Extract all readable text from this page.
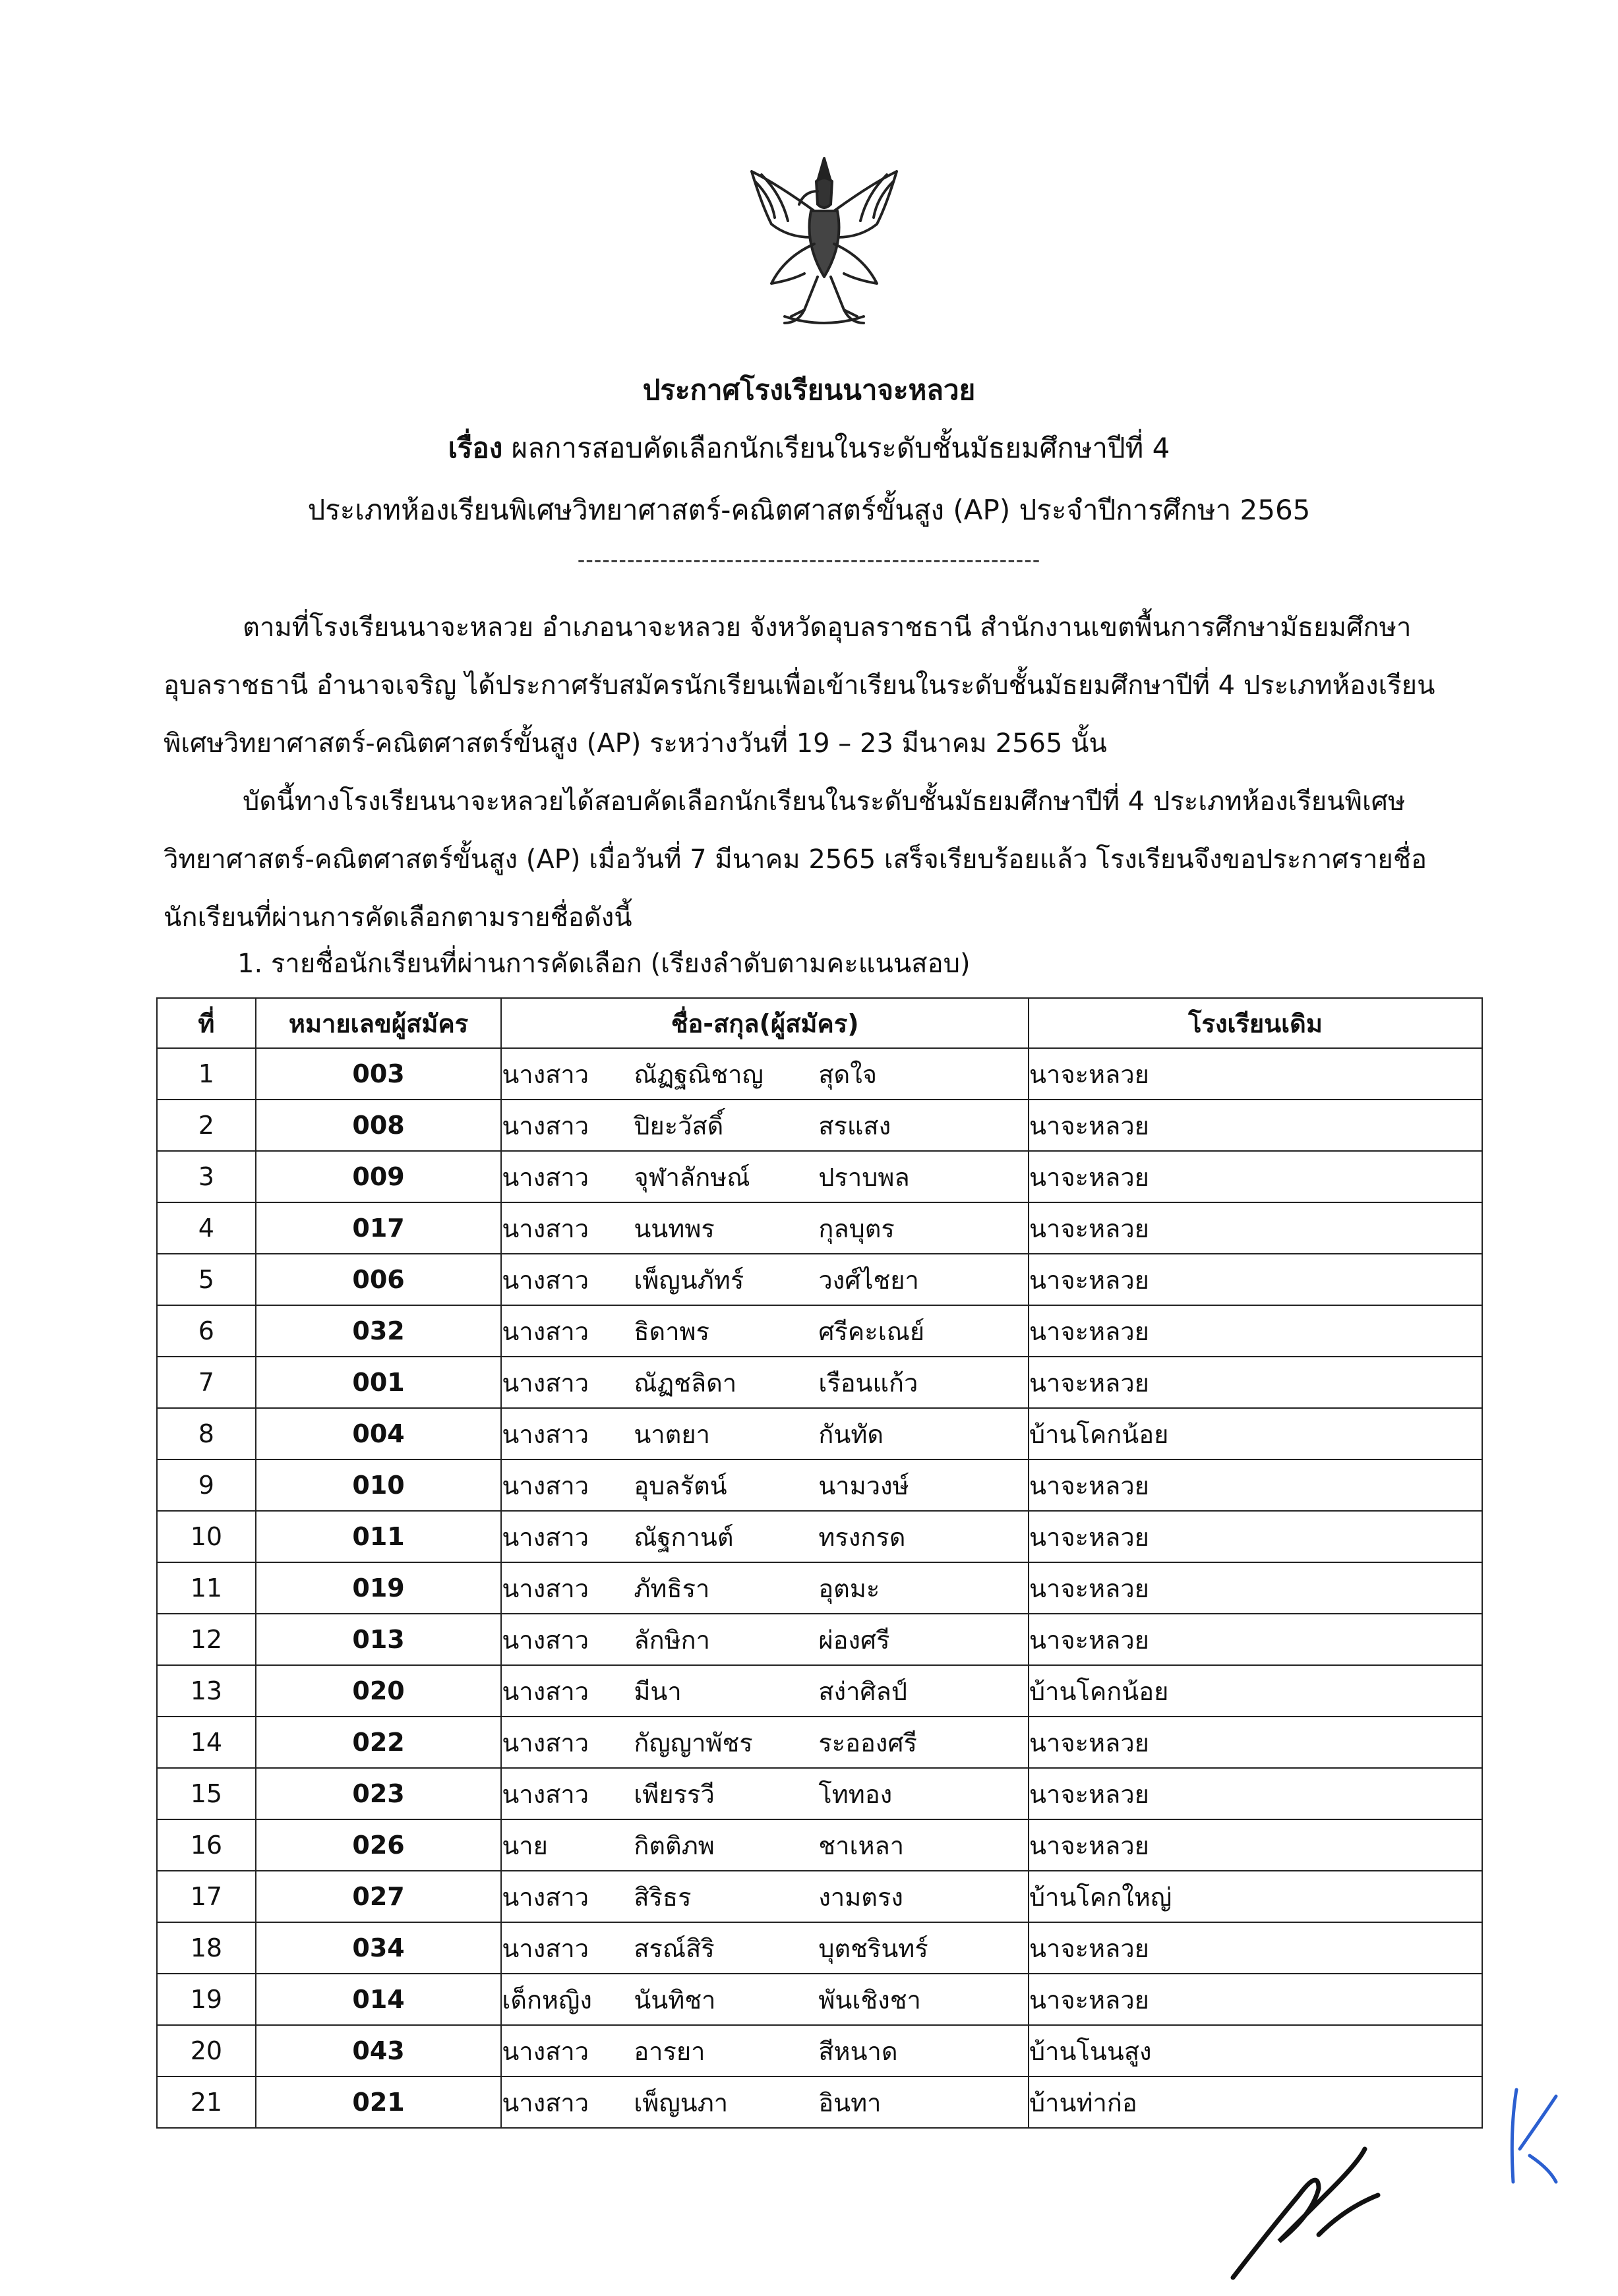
ประกาศโรงเรียนนาจะหลวย
เรื่อง ผลการสอบคัดเลือกนักเรียนในระดับชั้นมัธยมศึกษาปีที่ 4
ประเภทห้องเรียนพิเศษวิทยาศาสตร์-คณิตศาสตร์ขั้นสูง (AP) ประจำปีการศึกษา 2565
--------------------------------------------------------
ตามที่โรงเรียนนาจะหลวย อำเภอนาจะหลวย จังหวัดอุบลราชธานี สำนักงานเขตพื้นการศึกษามัธยมศึกษา อุบลราชธานี อำนาจเจริญ ได้ประกาศรับสมัครนักเรียนเพื่อเข้าเรียนในระดับชั้นมัธยมศึกษาปีที่ 4 ประเภทห้องเรียน พิเศษวิทยาศาสตร์-คณิตศาสตร์ขั้นสูง (AP) ระหว่างวันที่ 19 – 23 มีนาคม 2565 นั้น
บัดนี้ทางโรงเรียนนาจะหลวยได้สอบคัดเลือกนักเรียนในระดับชั้นมัธยมศึกษาปีที่ 4 ประเภทห้องเรียนพิเศษ วิทยาศาสตร์-คณิตศาสตร์ขั้นสูง (AP) เมื่อวันที่ 7 มีนาคม 2565 เสร็จเรียบร้อยแล้ว โรงเรียนจึงขอประกาศรายชื่อ นักเรียนที่ผ่านการคัดเลือกตามรายชื่อดังนี้
1. รายชื่อนักเรียนที่ผ่านการคัดเลือก (เรียงลำดับตามคะแนนสอบ)
ที่	หมายเลขผู้สมัคร	ชื่อ-สกุล(ผู้สมัคร)	โรงเรียนเดิม
1	003	นางสาว ณัฏฐณิชาญ สุดใจ	นาจะหลวย
2	008	นางสาว ปิยะวัสดิ์ สรแสง	นาจะหลวย
3	009	นางสาว จุฬาลักษณ์ ปราบพล	นาจะหลวย
4	017	นางสาว นนทพร กุลบุตร	นาจะหลวย
5	006	นางสาว เพ็ญนภัทร์ วงศ์ไชยา	นาจะหลวย
6	032	นางสาว ธิดาพร ศรีคะเณย์	นาจะหลวย
7	001	นางสาว ณัฏชลิดา เรือนแก้ว	นาจะหลวย
8	004	นางสาว นาตยา กันทัด	บ้านโคกน้อย
9	010	นางสาว อุบลรัตน์ นามวงษ์	นาจะหลวย
10	011	นางสาว ณัฐกานต์ ทรงกรด	นาจะหลวย
11	019	นางสาว ภัทธิรา อุตมะ	นาจะหลวย
12	013	นางสาว ลักษิกา ผ่องศรี	นาจะหลวย
13	020	นางสาว มีนา สง่าศิลป์	บ้านโคกน้อย
14	022	นางสาว กัญญาพัชร ระอองศรี	นาจะหลวย
15	023	นางสาว เพียรรวี โททอง	นาจะหลวย
16	026	นาย กิตติภพ ชาเหลา	นาจะหลวย
17	027	นางสาว สิริธร งามตรง	บ้านโคกใหญ่
18	034	นางสาว สรณ์สิริ บุตชรินทร์	นาจะหลวย
19	014	เด็กหญิง นันทิชา พันเชิงชา	นาจะหลวย
20	043	นางสาว อารยา สีหนาด	บ้านโนนสูง
21	021	นางสาว เพ็ญนภา อินทา	บ้านท่าก่อ
